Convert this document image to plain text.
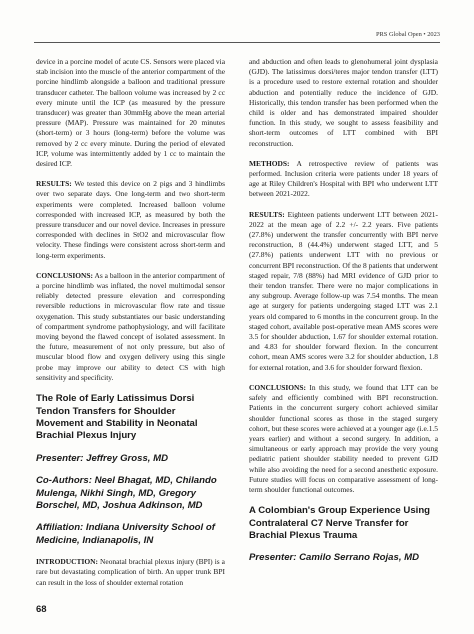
PRS Global Open • 2023

device in a porcine model of acute CS. Sensors were placed via stab incision into the muscle of the anterior compartment of the porcine hindlimb alongside a balloon and traditional pressure transducer catheter. The balloon volume was increased by 2 cc every minute until the ICP (as measured by the pressure transducer) was greater than 30mmHg above the mean arterial pressure (MAP). Pressure was maintained for 20 minutes (short-term) or 3 hours (long-term) before the volume was removed by 2 cc every minute. During the period of elevated ICP, volume was intermittently added by 1 cc to maintain the desired ICP.

RESULTS: We tested this device on 2 pigs and 3 hindlimbs over two separate days. One long-term and two short-term experiments were completed. Increased balloon volume corresponded with increased ICP, as measured by both the pressure transducer and our novel device. Increases in pressure corresponded with declines in StO2 and microvascular flow velocity. These findings were consistent across short-term and long-term experiments.

CONCLUSIONS: As a balloon in the anterior compartment of a porcine hindlimb was inflated, the novel multimodal sensor reliably detected pressure elevation and corresponding reversible reductions in microvascular flow rate and tissue oxygenation. This study substantiates our basic understanding of compartment syndrome pathophysiology, and will facilitate moving beyond the flawed concept of isolated assessment. In the future, measurement of not only pressure, but also of muscular blood flow and oxygen delivery using this single probe may improve our ability to detect CS with high sensitivity and specificity.

The Role of Early Latissimus Dorsi Tendon Transfers for Shoulder Movement and Stability in Neonatal Brachial Plexus Injury
Presenter: Jeffrey Gross, MD
Co-Authors: Neel Bhagat, MD, Chilando Mulenga, Nikhi Singh, MD, Gregory Borschel, MD, Joshua Adkinson, MD
Affiliation: Indiana University School of Medicine, Indianapolis, IN

INTRODUCTION: Neonatal brachial plexus injury (BPI) is a rare but devastating complication of birth. An upper trunk BPI can result in the loss of shoulder external rotation

and abduction and often leads to glenohumeral joint dysplasia (GJD). The latissimus dorsi/teres major tendon transfer (LTT) is a procedure used to restore external rotation and shoulder abduction and potentially reduce the incidence of GJD. Historically, this tendon transfer has been performed when the child is older and has demonstrated impaired shoulder function. In this study, we sought to assess feasibility and short-term outcomes of LTT combined with BPI reconstruction.

METHODS: A retrospective review of patients was performed. Inclusion criteria were patients under 18 years of age at Riley Children's Hospital with BPI who underwent LTT between 2021-2022.

RESULTS: Eighteen patients underwent LTT between 2021-2022 at the mean age of 2.2 +/- 2.2 years. Five patients (27.8%) underwent the transfer concurrently with BPI nerve reconstruction, 8 (44.4%) underwent staged LTT, and 5 (27.8%) patients underwent LTT with no previous or concurrent BPI reconstruction. Of the 8 patients that underwent staged repair, 7/8 (88%) had MRI evidence of GJD prior to their tendon transfer. There were no major complications in any subgroup. Average follow-up was 7.54 months. The mean age at surgery for patients undergoing staged LTT was 2.1 years old compared to 6 months in the concurrent group. In the staged cohort, available post-operative mean AMS scores were 3.5 for shoulder abduction, 1.67 for shoulder external rotation. and 4.83 for shoulder forward flexion. In the concurrent cohort, mean AMS scores were 3.2 for shoulder abduction, 1.8 for external rotation, and 3.6 for shoulder forward flexion.

CONCLUSIONS: In this study, we found that LTT can be safely and efficiently combined with BPI reconstruction. Patients in the concurrent surgery cohort achieved similar shoulder functional scores as those in the staged surgery cohort, but these scores were achieved at a younger age (i.e.1.5 years earlier) and without a second surgery. In addition, a simultaneous or early approach may provide the very young pediatric patient shoulder stability needed to prevent GJD while also avoiding the need for a second anesthetic exposure. Future studies will focus on comparative assessment of long-term shoulder functional outcomes.

A Colombian's Group Experience Using Contralateral C7 Nerve Transfer for Brachial Plexus Trauma
Presenter: Camilo Serrano Rojas, MD
68
